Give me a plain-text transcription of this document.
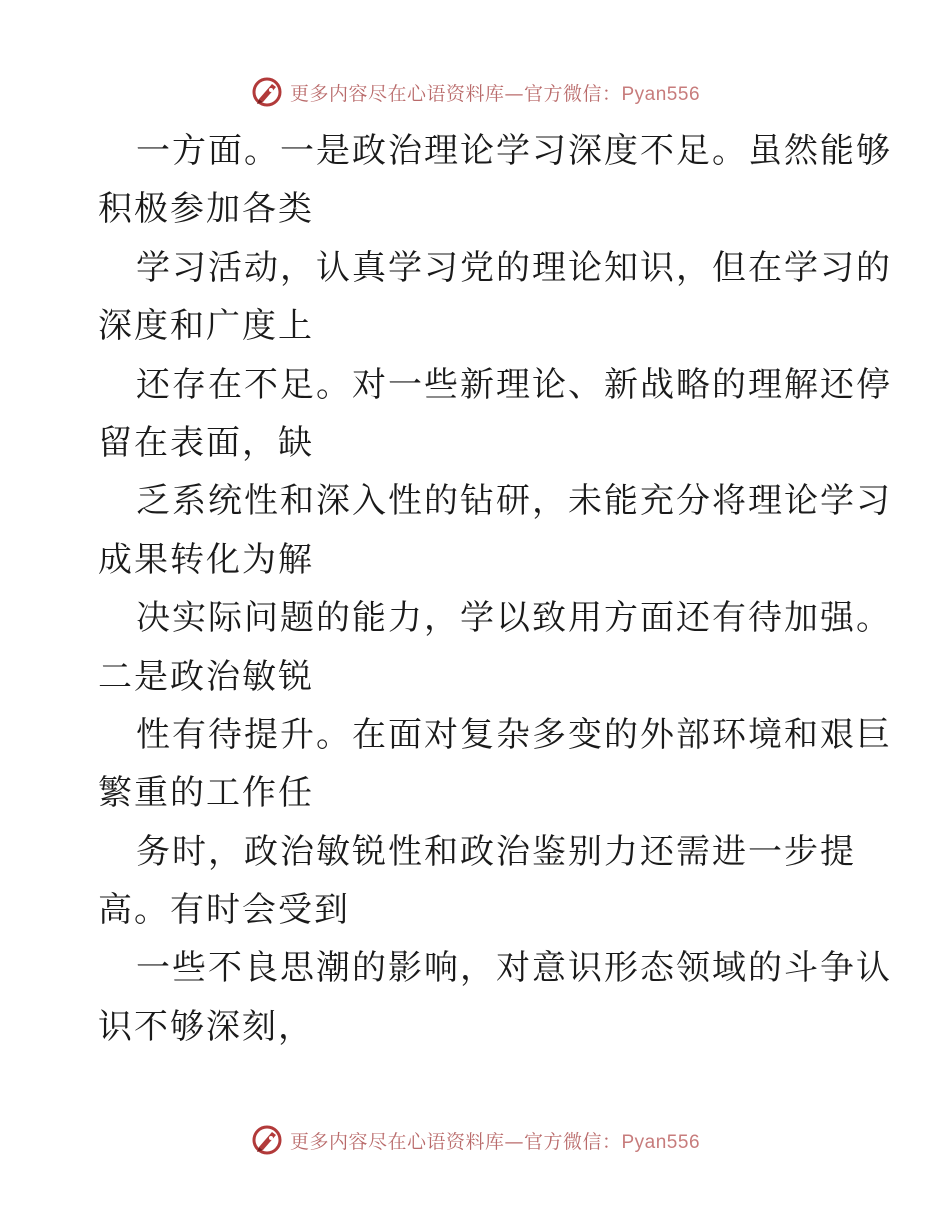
更多内容尽在心语资料库—官方微信：Pyan556
一方面。一是政治理论学习深度不足。虽然能够
积极参加各类
学习活动，认真学习党的理论知识，但在学习的
深度和广度上
还存在不足。对一些新理论、新战略的理解还停
留在表面，缺
乏系统性和深入性的钻研，未能充分将理论学习
成果转化为解
决实际问题的能力，学以致用方面还有待加强。
二是政治敏锐
性有待提升。在面对复杂多变的外部环境和艰巨
繁重的工作任
务时，政治敏锐性和政治鉴别力还需进一步提
高。有时会受到
一些不良思潮的影响，对意识形态领域的斗争认
识不够深刻，
更多内容尽在心语资料库—官方微信：Pyan556
